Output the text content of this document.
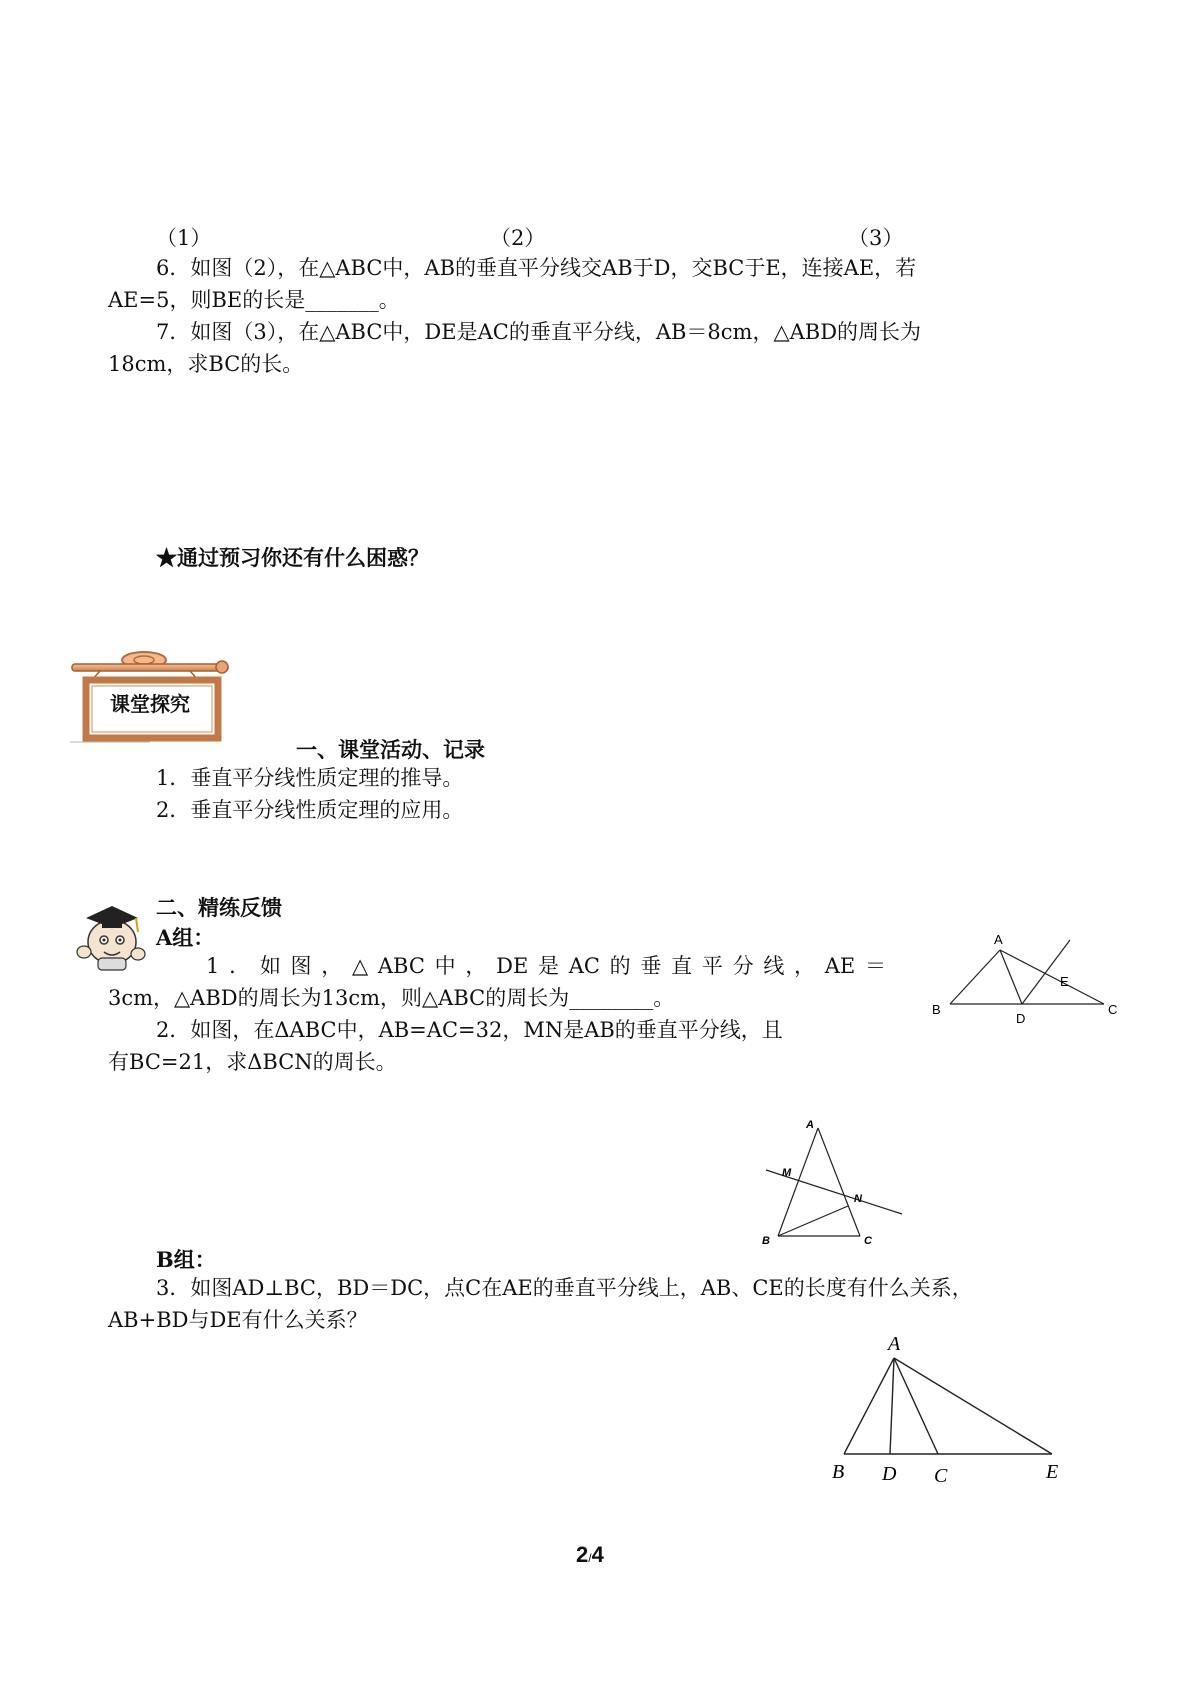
（1）	（2）	（3）
6．如图（2），在△ABC中，AB的垂直平分线交AB于D，交BC于E，连接AE，若
AE=5，则BE的长是_______。
7．如图（3），在△ABC中，DE是AC的垂直平分线，AB＝8cm，△ABD的周长为
18cm，求BC的长。
★通过预习你还有什么困惑？
课堂探究
一、课堂活动、记录
1．垂直平分线性质定理的推导。
2．垂直平分线性质定理的应用。
二、精练反馈
A组：
1．如图，△ABC中，DE是AC的垂直平分线，AE＝
3cm，△ABD的周长为13cm，则△ABC的周长为________。
2．如图，在ΔABC中，AB=AC=32，MN是AB的垂直平分线，且
有BC=21，求ΔBCN的周长。
A
B	C
D
E
A
M
N
B	C
B组：
3．如图AD⊥BC，BD＝DC，点C在AE的垂直平分线上，AB、CE的长度有什么关系，
AB+BD与DE有什么关系？
A
B D C	E
2/4
